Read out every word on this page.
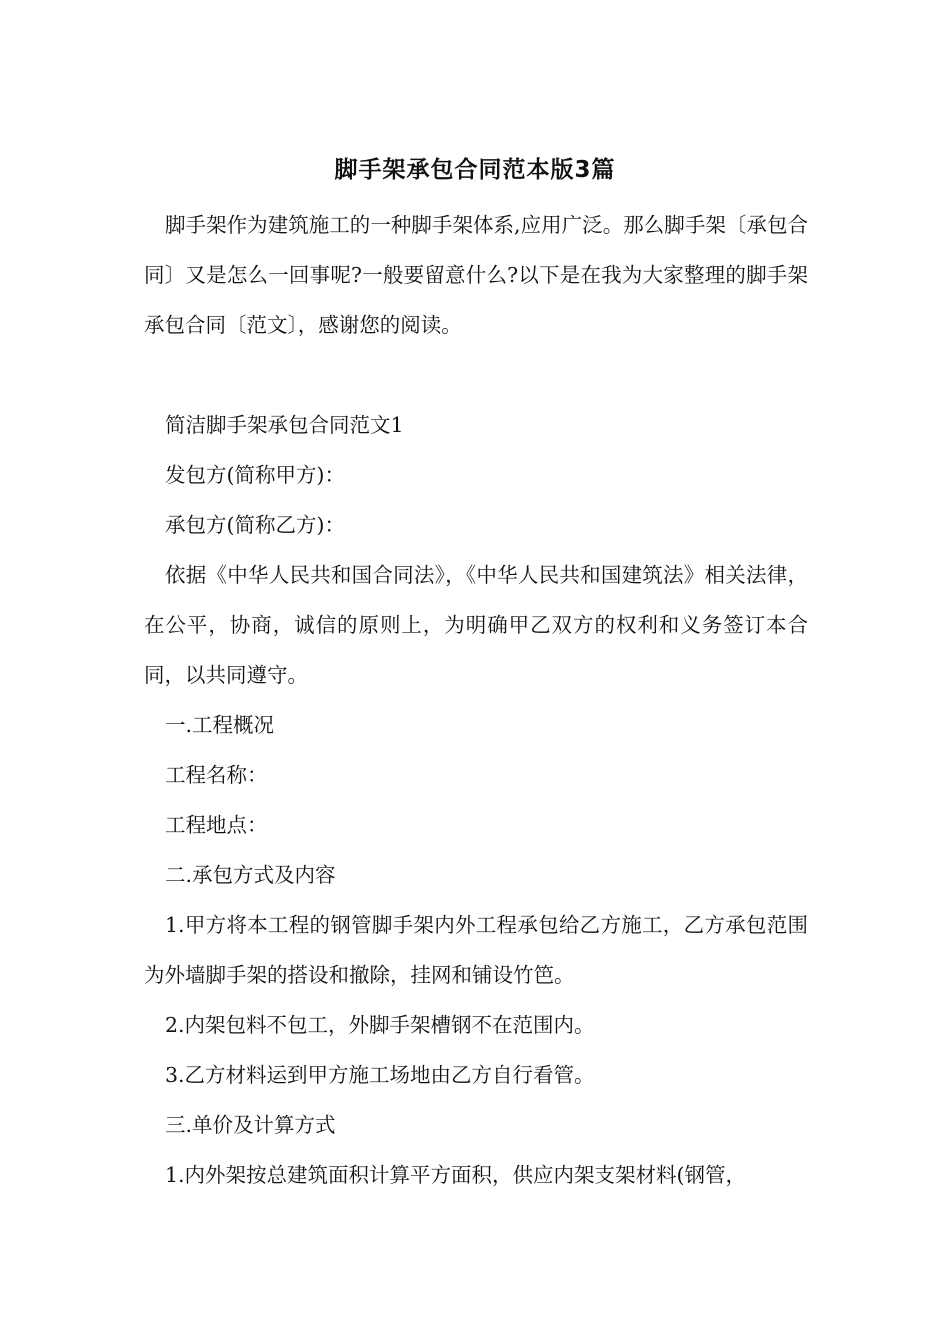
脚手架承包合同范本版3篇

脚手架作为建筑施工的一种脚手架体系,应用广泛。那么脚手架〔承包合同〕又是怎么一回事呢?一般要留意什么?以下是在我为大家整理的脚手架承包合同〔范文〕，感谢您的阅读。

简洁脚手架承包合同范文1

发包方(简称甲方)：

承包方(简称乙方)：

依据《中华人民共和国合同法》，《中华人民共和国建筑法》相关法律，在公平，协商，诚信的原则上，为明确甲乙双方的权利和义务签订本合同，以共同遵守。

一.工程概况

工程名称：

工程地点：

二.承包方式及内容

1.甲方将本工程的钢管脚手架内外工程承包给乙方施工，乙方承包范围为外墙脚手架的搭设和撤除，挂网和铺设竹笆。

2.内架包料不包工，外脚手架槽钢不在范围内。

3.乙方材料运到甲方施工场地由乙方自行看管。

三.单价及计算方式

1.内外架按总建筑面积计算平方面积，供应内架支架材料(钢管，
